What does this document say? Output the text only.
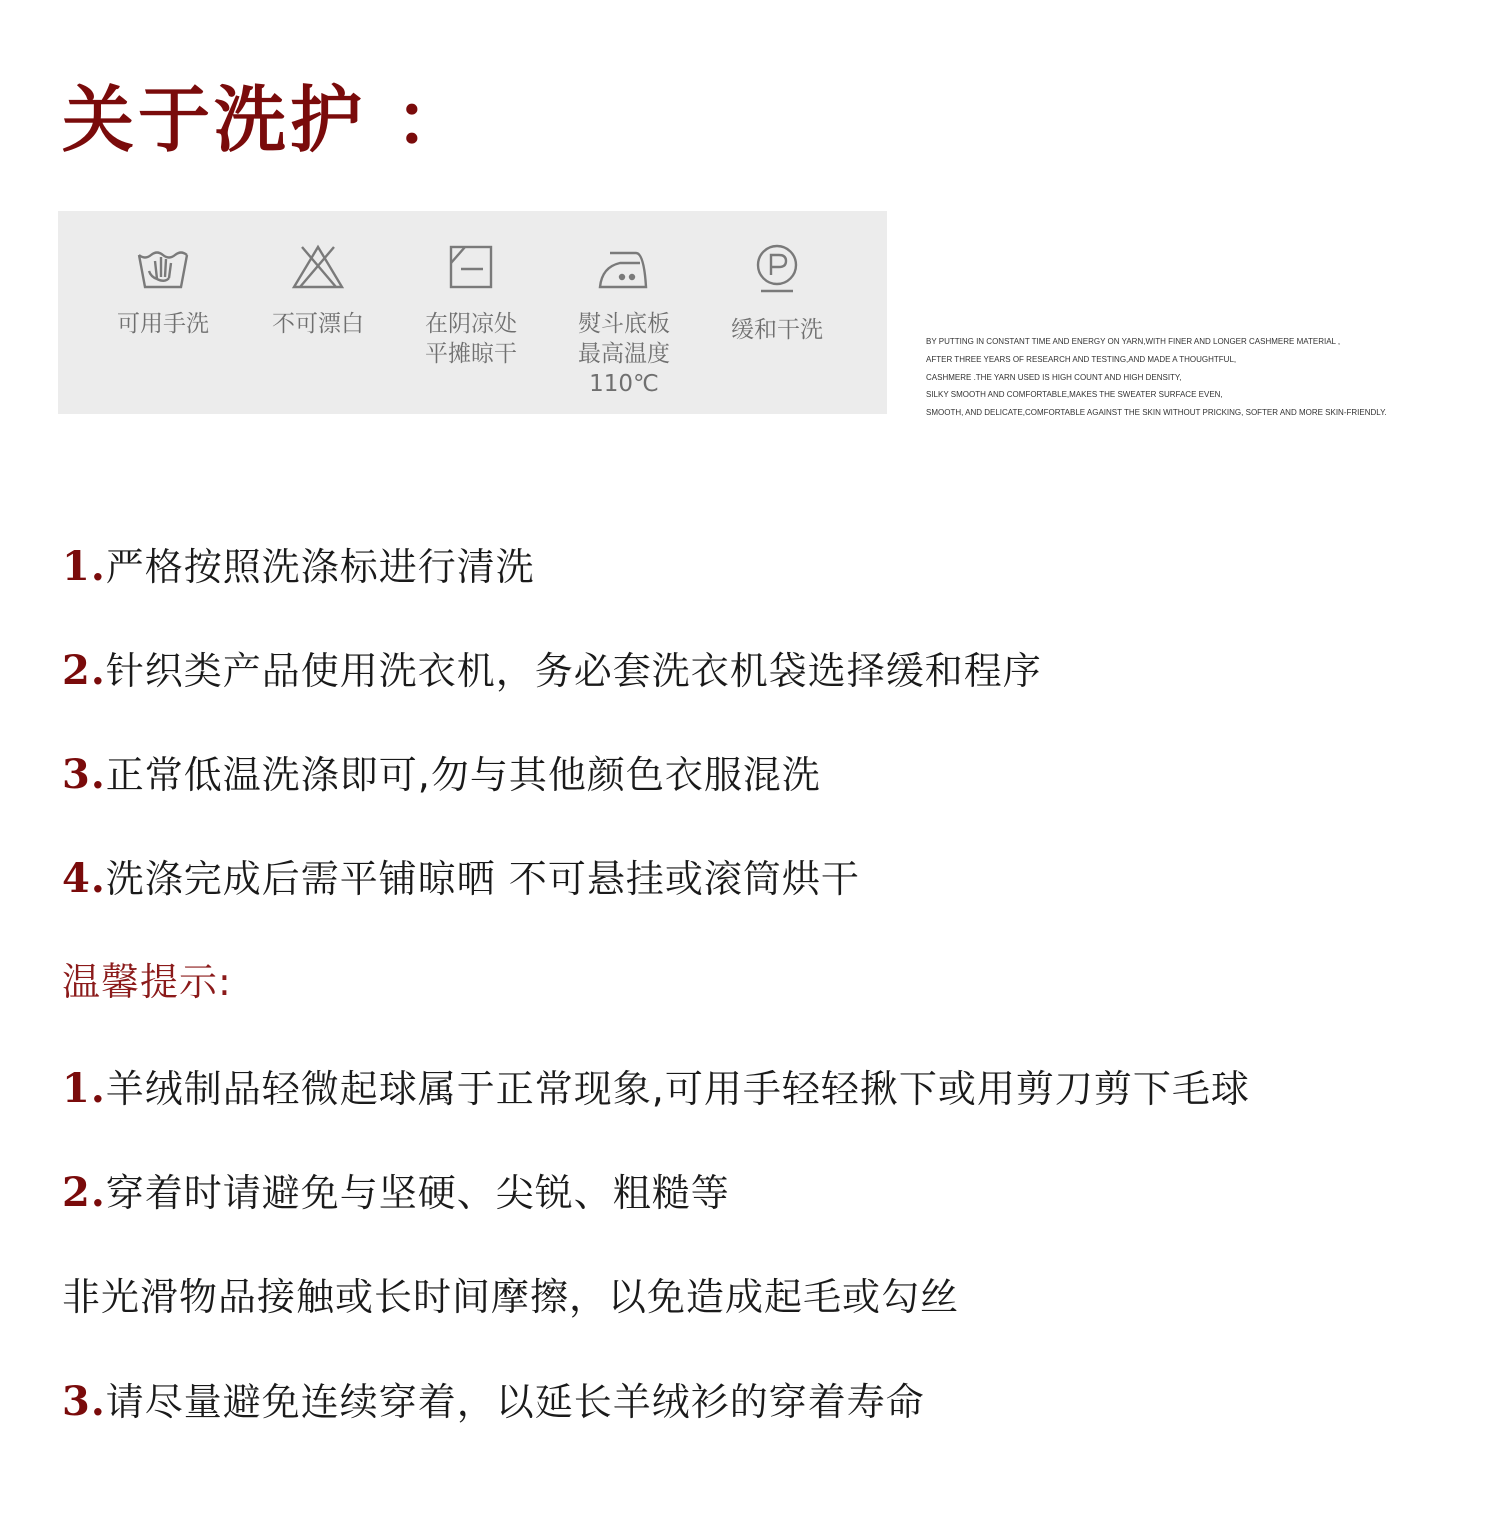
关于洗护 ：
可用手洗	不可漂白	在阴凉处
平摊晾干
熨斗底板
最高温度
110℃
缓和干洗	BY PUTTING IN CONSTANT TIME AND ENERGY ON YARN,WITH FINER AND LONGER CASHMERE MATERIAL ,
AFTER THREE YEARS OF RESEARCH AND TESTING,AND MADE A THOUGHTFUL,
CASHMERE .THE YARN USED IS HIGH COUNT AND HIGH DENSITY,
SILKY SMOOTH AND COMFORTABLE,MAKES THE SWEATER SURFACE EVEN,
SMOOTH, AND DELICATE,COMFORTABLE AGAINST THE SKIN WITHOUT PRICKING, SOFTER AND MORE SKIN-FRIENDLY.
1.严格按照洗涤标进行清洗
2.针织类产品使用洗衣机，务必套洗衣机袋选择缓和程序
3.正常低温洗涤即可,勿与其他颜色衣服混洗
4.洗涤完成后需平铺晾晒 不可悬挂或滚筒烘干
温馨提示:
1.羊绒制品轻微起球属于正常现象,可用手轻轻揪下或用剪刀剪下毛球
2.穿着时请避免与坚硬、尖锐、粗糙等
非光滑物品接触或长时间摩擦，以免造成起毛或勾丝
3.请尽量避免连续穿着，以延长羊绒衫的穿着寿命
